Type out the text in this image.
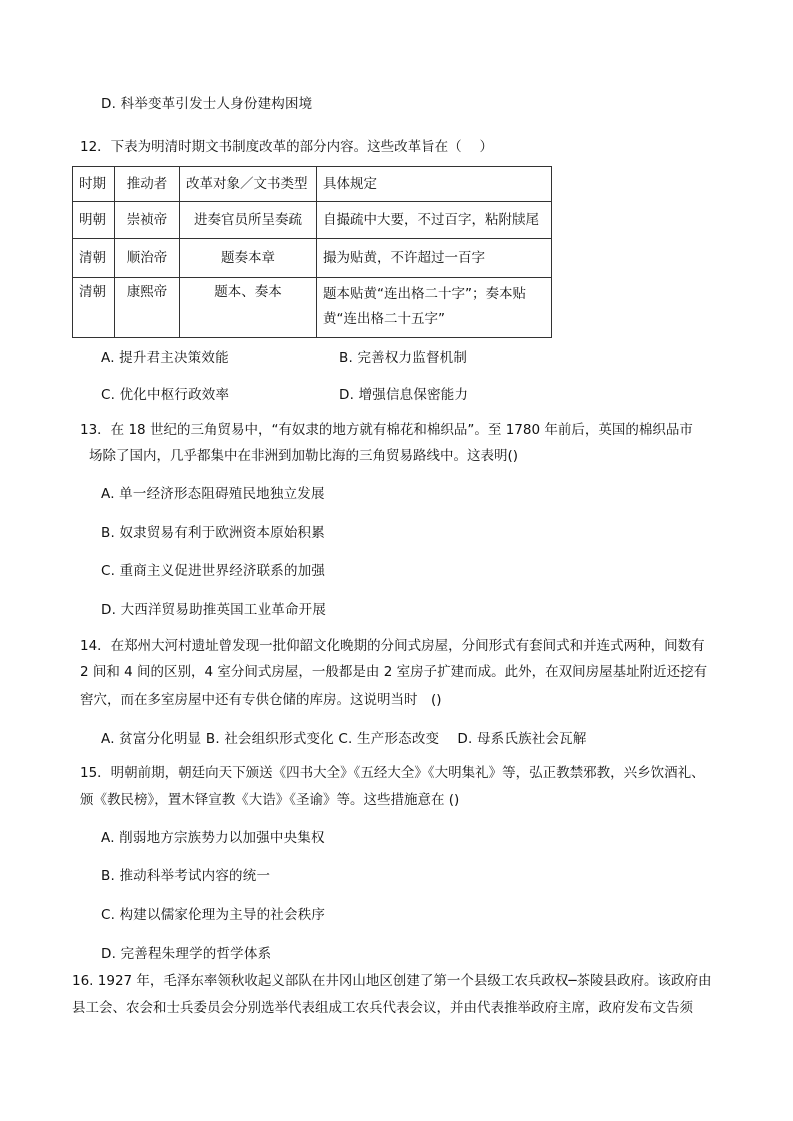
D. 科举变革引发士人身份建构困境
12．下表为明清时期文书制度改革的部分内容。这些改革旨在（　 ）
时期	推动者	改革对象／文书类型	具体规定
明朝	崇祯帝	进奏官员所呈奏疏	自撮疏中大要，不过百字，粘附牍尾
清朝	顺治帝	题奏本章	撮为贴黄，不许超过一百字
清朝	康熙帝	题本、奏本	题本贴黄“连出格二十字”；奏本贴黄“连出格二十五字”
A. 提升君主决策效能	B. 完善权力监督机制
C. 优化中枢行政效率	D. 增强信息保密能力
13．在 18 世纪的三角贸易中，“有奴隶的地方就有棉花和棉织品”。至 1780 年前后，英国的棉织品市
场除了国内，几乎都集中在非洲到加勒比海的三角贸易路线中。这表明()
A. 单一经济形态阻碍殖民地独立发展
B. 奴隶贸易有利于欧洲资本原始积累
C. 重商主义促进世界经济联系的加强
D. 大西洋贸易助推英国工业革命开展
14．在郑州大河村遗址曾发现一批仰韶文化晚期的分间式房屋，分间形式有套间式和并连式两种，间数有
2 间和 4 间的区别，4 室分间式房屋，一般都是由 2 室房子扩建而成。此外，在双间房屋基址附近还挖有
窖穴，而在多室房屋中还有专供仓储的库房。这说明当时　()
A. 贫富分化明显 B. 社会组织形式变化 C. 生产形态改变　 D. 母系氏族社会瓦解
15．明朝前期，朝廷向天下颁送《四书大全》《五经大全》《大明集礼》等，弘正教禁邪教，兴乡饮酒礼、
颁《教民榜》，置木铎宣教《大诰》《圣谕》等。这些措施意在 ()
A. 削弱地方宗族势力以加强中央集权
B. 推动科举考试内容的统一
C. 构建以儒家伦理为主导的社会秩序
D. 完善程朱理学的哲学体系
16. 1927 年，毛泽东率领秋收起义部队在井冈山地区创建了第一个县级工农兵政权─茶陵县政府。该政府由
县工会、农会和士兵委员会分别选举代表组成工农兵代表会议，并由代表推举政府主席，政府发布文告须
